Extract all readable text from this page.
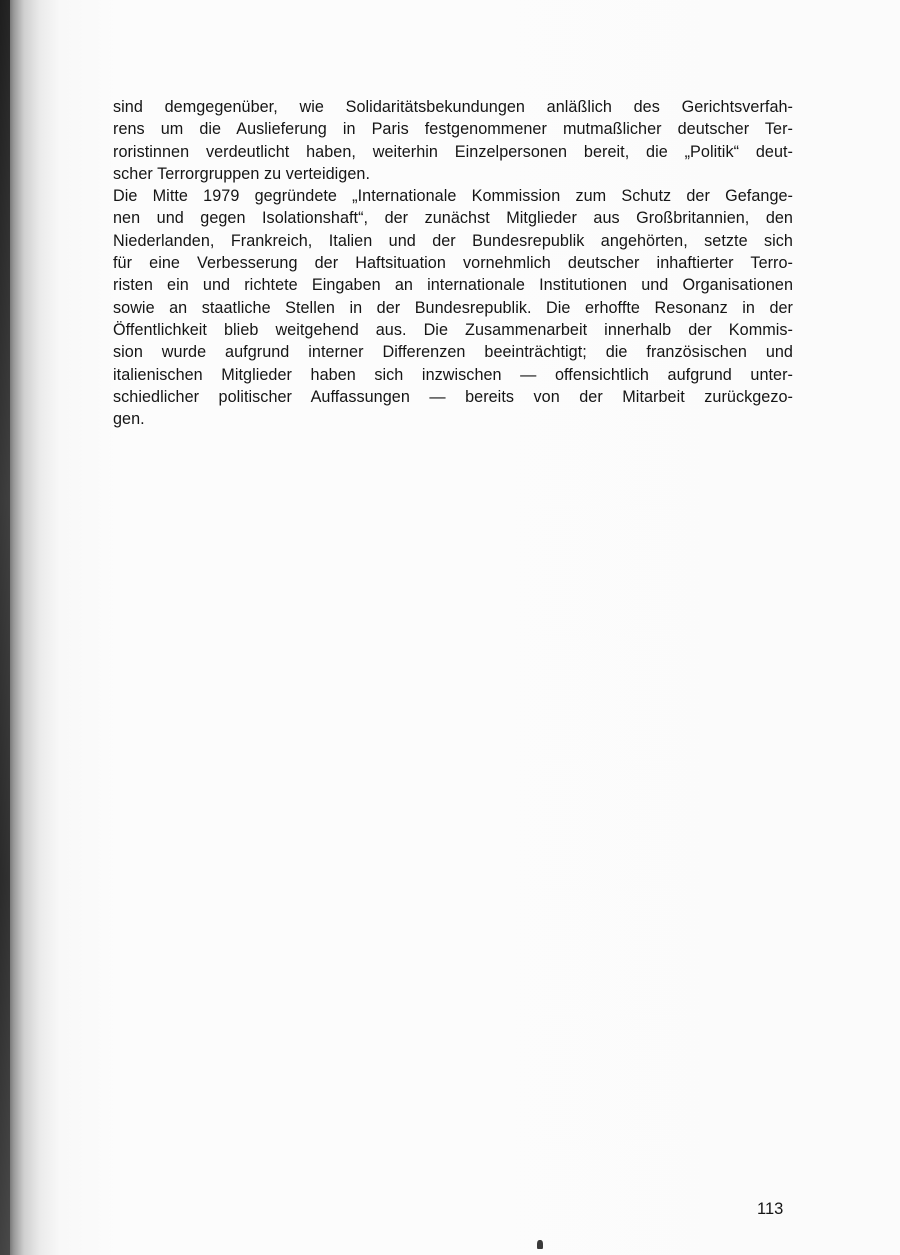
sind demgegenüber, wie Solidaritätsbekundungen anläßlich des Gerichtsverfah-
rens um die Auslieferung in Paris festgenommener mutmaßlicher deutscher Ter-
roristinnen verdeutlicht haben, weiterhin Einzelpersonen bereit, die „Politik“ deut-
scher Terrorgruppen zu verteidigen.
Die Mitte 1979 gegründete „Internationale Kommission zum Schutz der Gefange-
nen und gegen Isolationshaft“, der zunächst Mitglieder aus Großbritannien, den
Niederlanden, Frankreich, Italien und der Bundesrepublik angehörten, setzte sich
für eine Verbesserung der Haftsituation vornehmlich deutscher inhaftierter Terro-
risten ein und richtete Eingaben an internationale Institutionen und Organisationen
sowie an staatliche Stellen in der Bundesrepublik. Die erhoffte Resonanz in der
Öffentlichkeit blieb weitgehend aus. Die Zusammenarbeit innerhalb der Kommis-
sion wurde aufgrund interner Differenzen beeinträchtigt; die französischen und
italienischen Mitglieder haben sich inzwischen — offensichtlich aufgrund unter-
schiedlicher politischer Auffassungen — bereits von der Mitarbeit zurückgezo-
gen.
113
